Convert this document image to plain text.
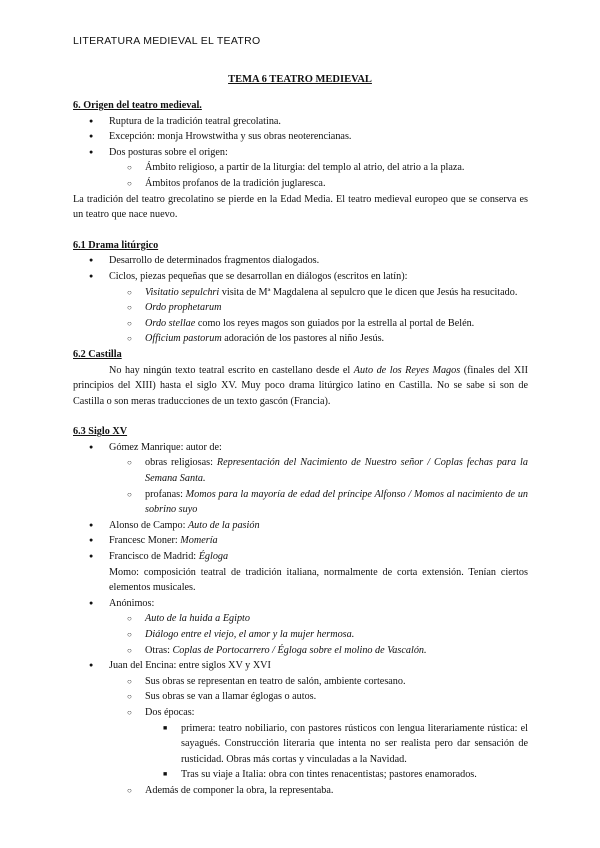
LITERATURA MEDIEVAL EL TEATRO
TEMA 6 TEATRO MEDIEVAL
6. Origen del teatro medieval.
● Ruptura de la tradición teatral grecolatina.
● Excepción: monja Hrowstwitha y sus obras neoterencianas.
● Dos posturas sobre el origen:
○ Ámbito religioso, a partir de la liturgia: del templo al atrio, del atrio a la plaza.
○ Ámbitos profanos de la tradición juglaresca.

La tradición del teatro grecolatino se pierde en la Edad Media. El teatro medieval europeo que se conserva es un teatro que nace nuevo.

6.1 Drama litúrgico
● Desarrollo de determinados fragmentos dialogados.
● Ciclos, piezas pequeñas que se desarrollan en diálogos (escritos en latín):
○ Visitatio sepulchri visita de Mª Magdalena al sepulcro que le dicen que Jesús ha resucitado.
○ Ordo prophetarum
○ Ordo stellae como los reyes magos son guiados por la estrella al portal de Belén.
○ Officium pastorum adoración de los pastores al niño Jesús.
6.2 Castilla

No hay ningún texto teatral escrito en castellano desde el Auto de los Reyes Magos (finales del XII principios del XIII) hasta el siglo XV. Muy poco drama litúrgico latino en Castilla. No se sabe si son de Castilla o son meras traducciones de un texto gascón (Francia).

6.3 Siglo XV
● Gómez Manrique: autor de:
○ obras religiosas: Representación del Nacimiento de Nuestro señor / Coplas fechas para la Semana Santa.
○ profanas: Momos para la mayoría de edad del príncipe Alfonso / Momos al nacimiento de un sobrino suyo
● Alonso de Campo: Auto de la pasión
● Francesc Moner: Momería
● Francisco de Madrid: Égloga

Momo: composición teatral de tradición italiana, normalmente de corta extensión. Tenían ciertos elementos musicales.

● Anónimos:
○ Auto de la huida a Egipto
○ Diálogo entre el viejo, el amor y la mujer hermosa.
○ Otras: Coplas de Portocarrero / Égloga sobre el molino de Vascalón.
● Juan del Encina: entre siglos XV y XVI
○ Sus obras se representan en teatro de salón, ambiente cortesano.
○ Sus obras se van a llamar églogas o autos.
○ Dos épocas:
■ primera: teatro nobiliario, con pastores rústicos con lengua literariamente rústica: el sayagués. Construcción literaria que intenta no ser realista pero dar sensación de rusticidad. Obras más cortas y vinculadas a la Navidad.
■ Tras su viaje a Italia: obra con tintes renacentistas; pastores enamorados.
○ Además de componer la obra, la representaba.
